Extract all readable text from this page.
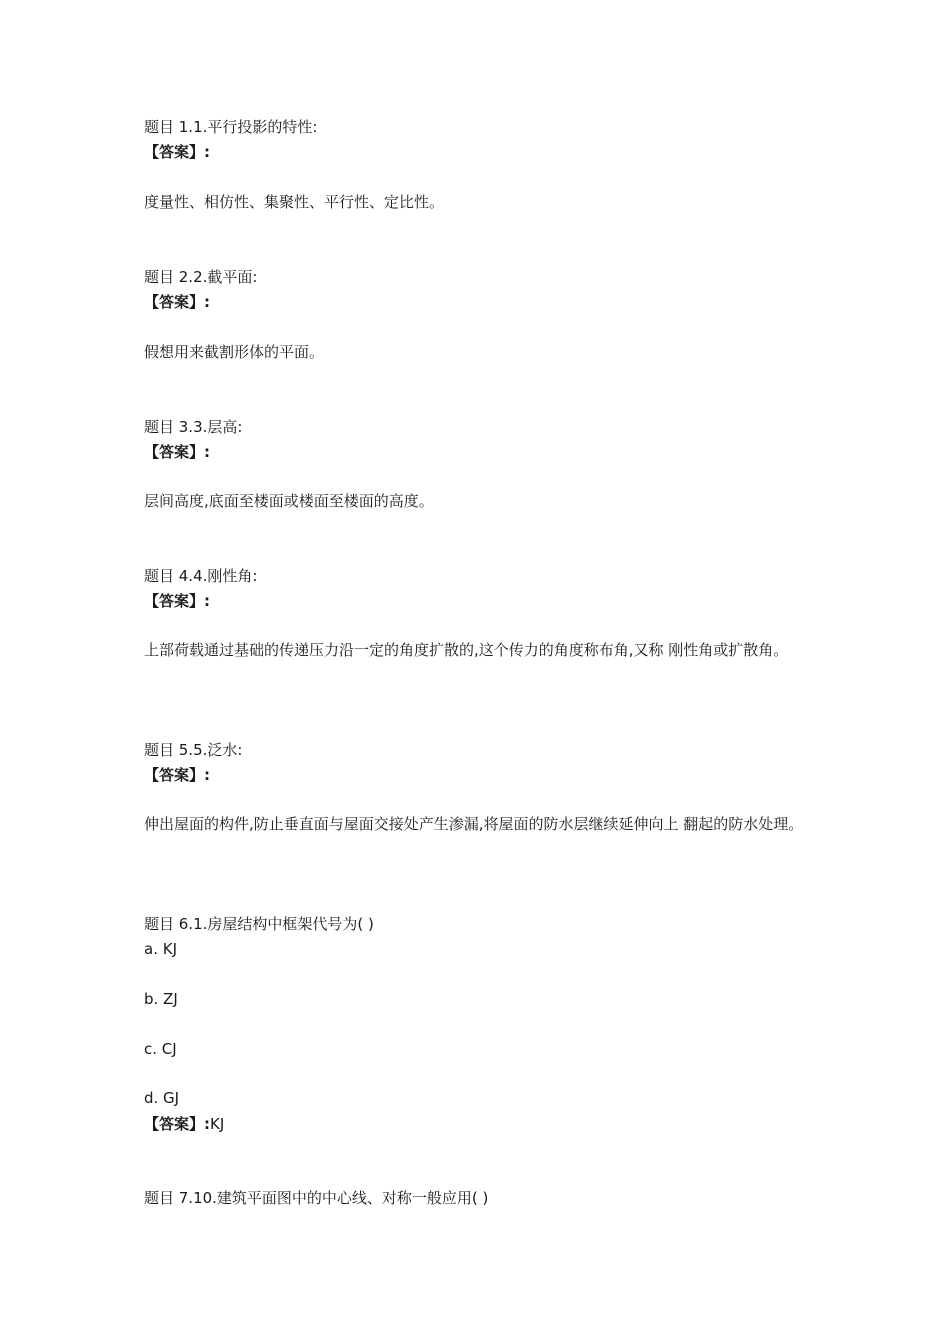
题目 1.1.平行投影的特性:
【答案】:
度量性、相仿性、集聚性、平行性、定比性。
题目 2.2.截平面:
【答案】:
假想用来截割形体的平面。
题目 3.3.层高:
【答案】:
层间高度,底面至楼面或楼面至楼面的高度。
题目 4.4.刚性角:
【答案】:
上部荷载通过基础的传递压力沿一定的角度扩散的,这个传力的角度称布角,又称 刚性角或扩散角。
题目 5.5.泛水:
【答案】:
伸出屋面的构件,防止垂直面与屋面交接处产生渗漏,将屋面的防水层继续延伸向上 翻起的防水处理。
题目 6.1.房屋结构中框架代号为( )
a. KJ
b. ZJ
c. CJ
d. GJ
【答案】:KJ
题目 7.10.建筑平面图中的中心线、对称一般应用( )
